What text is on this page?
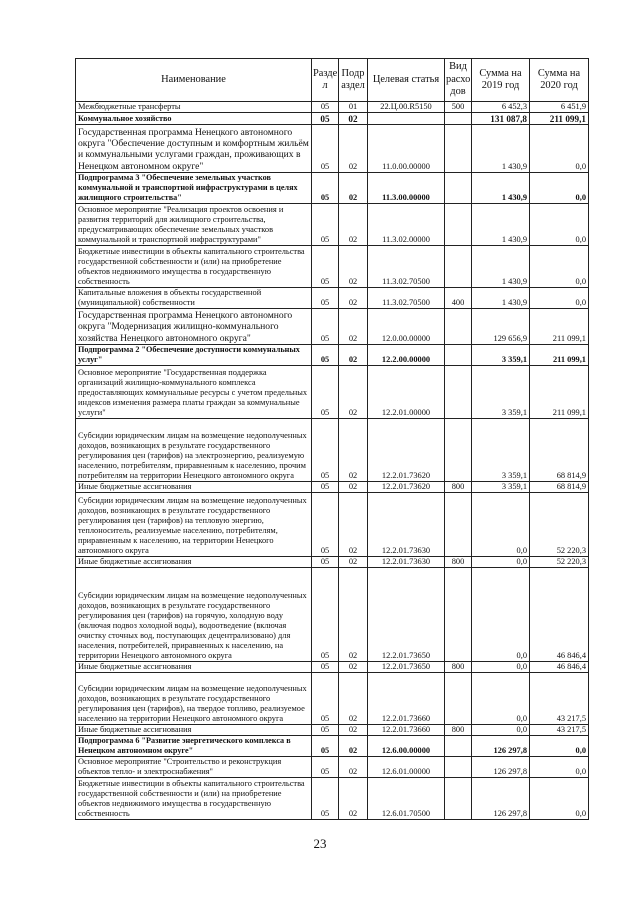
Наименование	Разде л	Подр аздел	Целевая статья	Вид расхо дов	Сумма на 2019 год	Сумма на 2020 год
Межбюджетные трансферты	05	01	22.Ц.00.R5150	500	6 452,3	6 451,9
Коммунальное хозяйство	05	02			131 087,8	211 099,1
Государственная программа Ненецкого автономного округа "Обеспечение доступным и комфортным жильём и коммунальными услугами граждан, проживающих в Ненецком автономном округе"	05	02	11.0.00.00000		1 430,9	0,0
Подпрограмма 3 "Обеспечение земельных участков коммунальной и транспортной инфраструктурами в целях жилищного строительства"	05	02	11.3.00.00000		1 430,9	0,0
Основное мероприятие "Реализация проектов освоения и развития территорий для жилищного строительства, предусматривающих обеспечение земельных участков коммунальной и транспортной инфраструктурами"	05	02	11.3.02.00000		1 430,9	0,0
Бюджетные инвестиции в объекты капитального строительства государственной собственности и (или) на приобретение объектов недвижимого имущества в государственную собственность	05	02	11.3.02.70500		1 430,9	0,0
Капитальные вложения в объекты государственной (муниципальной) собственности	05	02	11.3.02.70500	400	1 430,9	0,0
Государственная программа Ненецкого автономного округа "Модернизация жилищно-коммунального хозяйства Ненецкого автономного округа"	05	02	12.0.00.00000		129 656,9	211 099,1
Подпрограмма 2 "Обеспечение доступности коммунальных услуг"	05	02	12.2.00.00000		3 359,1	211 099,1
Основное мероприятие "Государственная поддержка организаций жилищно-коммунального комплекса предоставляющих коммунальные ресурсы с учетом предельных индексов изменения размера платы граждан за коммунальные услуги"	05	02	12.2.01.00000		3 359,1	211 099,1
Субсидии юридическим лицам на возмещение недополученных доходов, возникающих в результате государственного регулирования цен (тарифов) на электроэнергию, реализуемую населению, потребителям, приравненным к населению, прочим потребителям на территории Ненецкого автономного округа	05	02	12.2.01.73620		3 359,1	68 814,9
Иные бюджетные ассигнования	05	02	12.2.01.73620	800	3 359,1	68 814,9
Субсидии юридическим лицам на возмещение недополученных доходов, возникающих в результате государственного регулирования цен (тарифов) на тепловую энергию, теплоноситель, реализуемые населению, потребителям, приравненным к населению, на территории Ненецкого автономного округа	05	02	12.2.01.73630		0,0	52 220,3
Иные бюджетные ассигнования	05	02	12.2.01.73630	800	0,0	52 220,3
Субсидии юридическим лицам на возмещение недополученных доходов, возникающих в результате государственного регулирования цен (тарифов) на горячую, холодную воду (включая подвоз холодной воды), водоотведение (включая очистку сточных вод, поступающих децентрализовано) для населения, потребителей, приравненных к населению, на территории Ненецкого автономного округа	05	02	12.2.01.73650		0,0	46 846,4
Иные бюджетные ассигнования	05	02	12.2.01.73650	800	0,0	46 846,4
Субсидии юридическим лицам на возмещение недополученных доходов, возникающих в результате государственного регулирования цен (тарифов), на твердое топливо, реализуемое населению на территории Ненецкого автономного округа	05	02	12.2.01.73660		0,0	43 217,5
Иные бюджетные ассигнования	05	02	12.2.01.73660	800	0,0	43 217,5
Подпрограмма 6 "Развитие энергетического комплекса в Ненецком автономном округе"	05	02	12.6.00.00000		126 297,8	0,0
Основное мероприятие "Строительство и реконструкция объектов тепло- и электроснабжения"	05	02	12.6.01.00000		126 297,8	0,0
Бюджетные инвестиции в объекты капитального строительства государственной собственности и (или) на приобретение объектов недвижимого имущества в государственную собственность	05	02	12.6.01.70500		126 297,8	0,0
23
